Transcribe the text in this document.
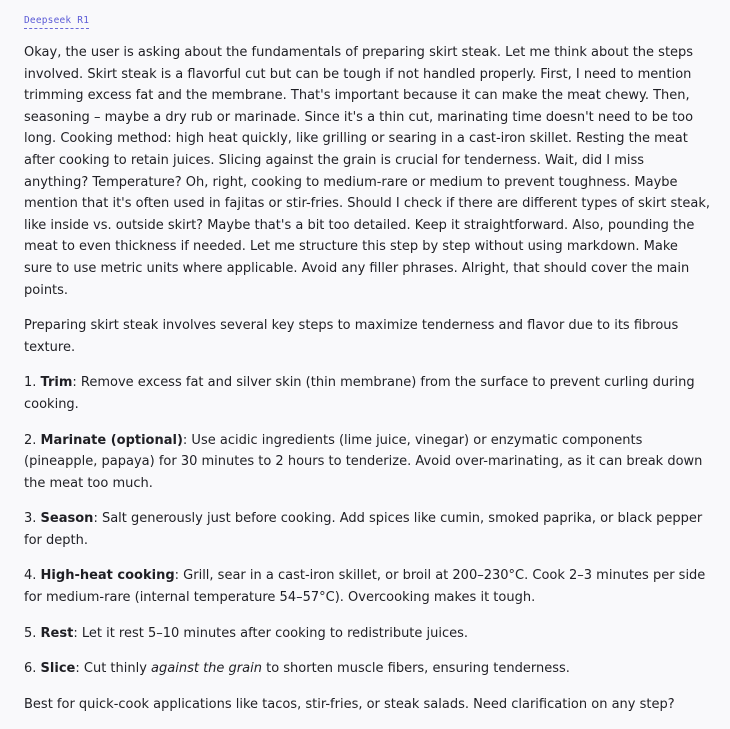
Deepseek R1

Okay, the user is asking about the fundamentals of preparing skirt steak. Let me think about the steps involved. Skirt steak is a flavorful cut but can be tough if not handled properly. First, I need to mention trimming excess fat and the membrane. That's important because it can make the meat chewy. Then, seasoning – maybe a dry rub or marinade. Since it's a thin cut, marinating time doesn't need to be too long. Cooking method: high heat quickly, like grilling or searing in a cast-iron skillet. Resting the meat after cooking to retain juices. Slicing against the grain is crucial for tenderness. Wait, did I miss anything? Temperature? Oh, right, cooking to medium-rare or medium to prevent toughness. Maybe mention that it's often used in fajitas or stir-fries. Should I check if there are different types of skirt steak, like inside vs. outside skirt? Maybe that's a bit too detailed. Keep it straightforward. Also, pounding the meat to even thickness if needed. Let me structure this step by step without using markdown. Make sure to use metric units where applicable. Avoid any filler phrases. Alright, that should cover the main points.

Preparing skirt steak involves several key steps to maximize tenderness and flavor due to its fibrous texture.

1. Trim: Remove excess fat and silver skin (thin membrane) from the surface to prevent curling during cooking.

2. Marinate (optional): Use acidic ingredients (lime juice, vinegar) or enzymatic components (pineapple, papaya) for 30 minutes to 2 hours to tenderize. Avoid over-marinating, as it can break down the meat too much.

3. Season: Salt generously just before cooking. Add spices like cumin, smoked paprika, or black pepper for depth.

4. High-heat cooking: Grill, sear in a cast-iron skillet, or broil at 200–230°C. Cook 2–3 minutes per side for medium-rare (internal temperature 54–57°C). Overcooking makes it tough.

5. Rest: Let it rest 5–10 minutes after cooking to redistribute juices.

6. Slice: Cut thinly against the grain to shorten muscle fibers, ensuring tenderness.

Best for quick-cook applications like tacos, stir-fries, or steak salads. Need clarification on any step?
